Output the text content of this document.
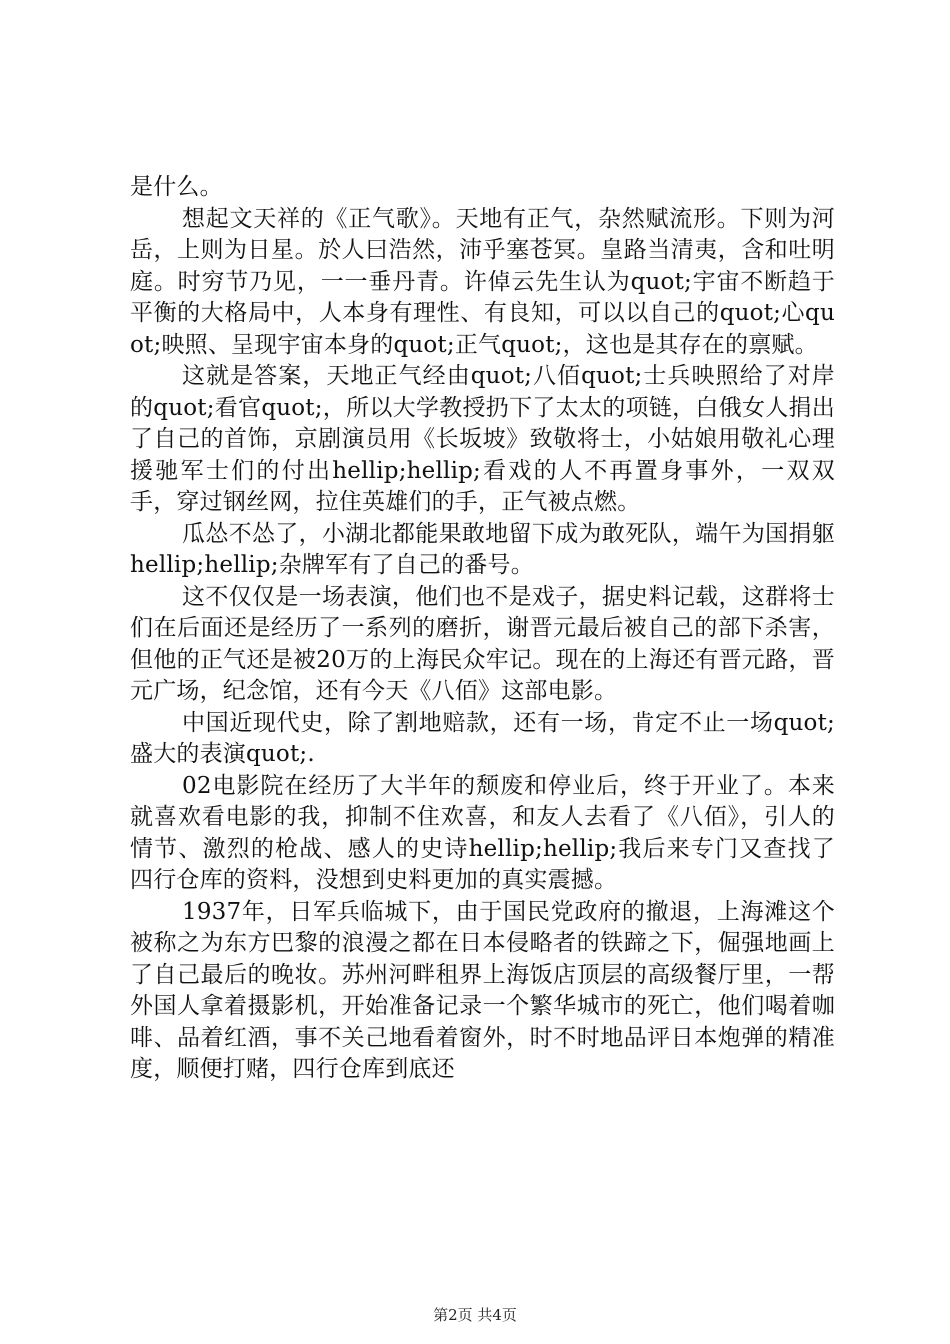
是什么。

想起文天祥的《正气歌》。天地有正气，杂然赋流形。下则为河岳，上则为日星。於人曰浩然，沛乎塞苍冥。皇路当清夷，含和吐明庭。时穷节乃见，一一垂丹青。许倬云先生认为quot;宇宙不断趋于平衡的大格局中，人本身有理性、有良知，可以以自己的quot;心quot;映照、呈现宇宙本身的quot;正气quot;，这也是其存在的禀赋。

这就是答案，天地正气经由quot;八佰quot;士兵映照给了对岸的quot;看官quot;，所以大学教授扔下了太太的项链，白俄女人捐出了自己的首饰，京剧演员用《长坂坡》致敬将士，小姑娘用敬礼心理援驰军士们的付出hellip;hellip;看戏的人不再置身事外，一双双手，穿过钢丝网，拉住英雄们的手，正气被点燃。

瓜怂不怂了，小湖北都能果敢地留下成为敢死队，端午为国捐躯hellip;hellip;杂牌军有了自己的番号。

这不仅仅是一场表演，他们也不是戏子，据史料记载，这群将士们在后面还是经历了一系列的磨折，谢晋元最后被自己的部下杀害，但他的正气还是被20万的上海民众牢记。现在的上海还有晋元路，晋元广场，纪念馆，还有今天《八佰》这部电影。

中国近现代史，除了割地赔款，还有一场，肯定不止一场quot;盛大的表演quot;.

02电影院在经历了大半年的颓废和停业后，终于开业了。本来就喜欢看电影的我，抑制不住欢喜，和友人去看了《八佰》，引人的情节、激烈的枪战、感人的史诗hellip;hellip;我后来专门又查找了四行仓库的资料，没想到史料更加的真实震撼。

1937年，日军兵临城下，由于国民党政府的撤退，上海滩这个被称之为东方巴黎的浪漫之都在日本侵略者的铁蹄之下，倔强地画上了自己最后的晚妆。苏州河畔租界上海饭店顶层的高级餐厅里，一帮外国人拿着摄影机，开始准备记录一个繁华城市的死亡，他们喝着咖啡、品着红酒，事不关己地看着窗外，时不时地品评日本炮弹的精准度，顺便打赌，四行仓库到底还

第2页 共4页
